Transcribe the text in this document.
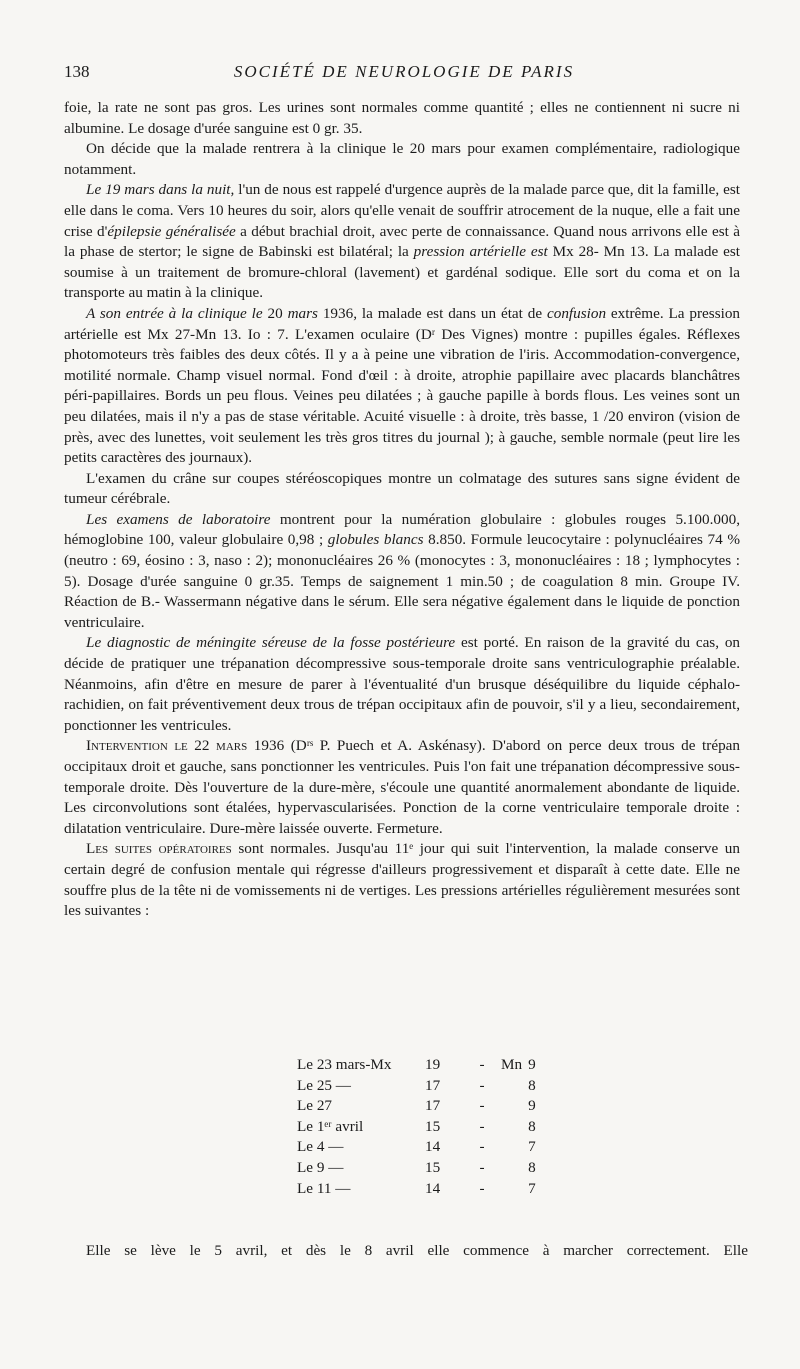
138	SOCIÉTÉ DE NEUROLOGIE DE PARIS

foie, la rate ne sont pas gros. Les urines sont normales comme quantité ; elles ne contiennent ni sucre ni albumine. Le dosage d'urée sanguine est 0 gr. 35.

On décide que la malade rentrera à la clinique le 20 mars pour examen complémentaire, radiologique notamment.

Le 19 mars dans la nuit, l'un de nous est rappelé d'urgence auprès de la malade parce que, dit la famille, est elle dans le coma. Vers 10 heures du soir, alors qu'elle venait de souffrir atrocement de la nuque, elle a fait une crise d'épilepsie généralisée a début brachial droit, avec perte de connaissance. Quand nous arrivons elle est à la phase de stertor; le signe de Babinski est bilatéral; la pression artérielle est Mx 28- Mn 13. La malade est soumise à un traitement de bromure-chloral (lavement) et gardénal sodique. Elle sort du coma et on la transporte au matin à la clinique.

A son entrée à la clinique le 20 mars 1936, la malade est dans un état de confusion extrême. La pression artérielle est Mx 27-Mn 13. Io : 7. L'examen oculaire (Dʳ Des Vignes) montre : pupilles égales. Réflexes photomoteurs très faibles des deux côtés. Il y a à peine une vibration de l'iris. Accommodation-convergence, motilité normale. Champ visuel normal. Fond d'œil : à droite, atrophie papillaire avec placards blanchâtres péri-papillaires. Bords un peu flous. Veines peu dilatées ; à gauche papille à bords flous. Les veines sont un peu dilatées, mais il n'y a pas de stase véritable. Acuité visuelle : à droite, très basse, 1 /20 environ (vision de près, avec des lunettes, voit seulement les très gros titres du journal ); à gauche, semble normale (peut lire les petits caractères des journaux).

L'examen du crâne sur coupes stéréoscopiques montre un colmatage des sutures sans signe évident de tumeur cérébrale.

Les examens de laboratoire montrent pour la numération globulaire : globules rouges 5.100.000, hémoglobine 100, valeur globulaire 0,98 ; globules blancs 8.850. Formule leucocytaire : polynucléaires 74 % (neutro : 69, éosino : 3, naso : 2); mononucléaires 26 % (monocytes : 3, mononucléaires : 18 ; lymphocytes : 5). Dosage d'urée sanguine 0 gr.35. Temps de saignement 1 min.50 ; de coagulation 8 min. Groupe IV. Réaction de B.- Wassermann négative dans le sérum. Elle sera négative également dans le liquide de ponction ventriculaire.

Le diagnostic de méningite séreuse de la fosse postérieure est porté. En raison de la gravité du cas, on décide de pratiquer une trépanation décompressive sous-temporale droite sans ventriculographie préalable. Néanmoins, afin d'être en mesure de parer à l'éventualité d'un brusque déséquilibre du liquide céphalo-rachidien, on fait préventivement deux trous de trépan occipitaux afin de pouvoir, s'il y a lieu, secondairement, ponctionner les ventricules.

Intervention le 22 mars 1936 (Dʳˢ P. Puech et A. Askénasy). D'abord on perce deux trous de trépan occipitaux droit et gauche, sans ponctionner les ventricules. Puis l'on fait une trépanation décompressive sous-temporale droite. Dès l'ouverture de la dure-mère, s'écoule une quantité anormalement abondante de liquide. Les circonvolutions sont étalées, hypervascularisées. Ponction de la corne ventriculaire temporale droite : dilatation ventriculaire. Dure-mère laissée ouverte. Fermeture.

Les suites opératoires sont normales. Jusqu'au 11ᵉ jour qui suit l'intervention, la malade conserve un certain degré de confusion mentale qui régresse d'ailleurs progressivement et disparaît à cette date. Elle ne souffre plus de la tête ni de vomissements ni de vertiges. Les pressions artérielles régulièrement mesurées sont les suivantes :

Le 23 mars-Mx	19	-	Mn 9
Le 25 —	17	-	8
Le 27	17	-	9
Le 1ᵉʳ avril	15	-	8
Le 4 —	14	-	7
Le 9 —	15	-	8
Le 11 —	14	-	7

Elle se lève le 5 avril, et dès le 8 avril elle commence à marcher correctement. Elle
